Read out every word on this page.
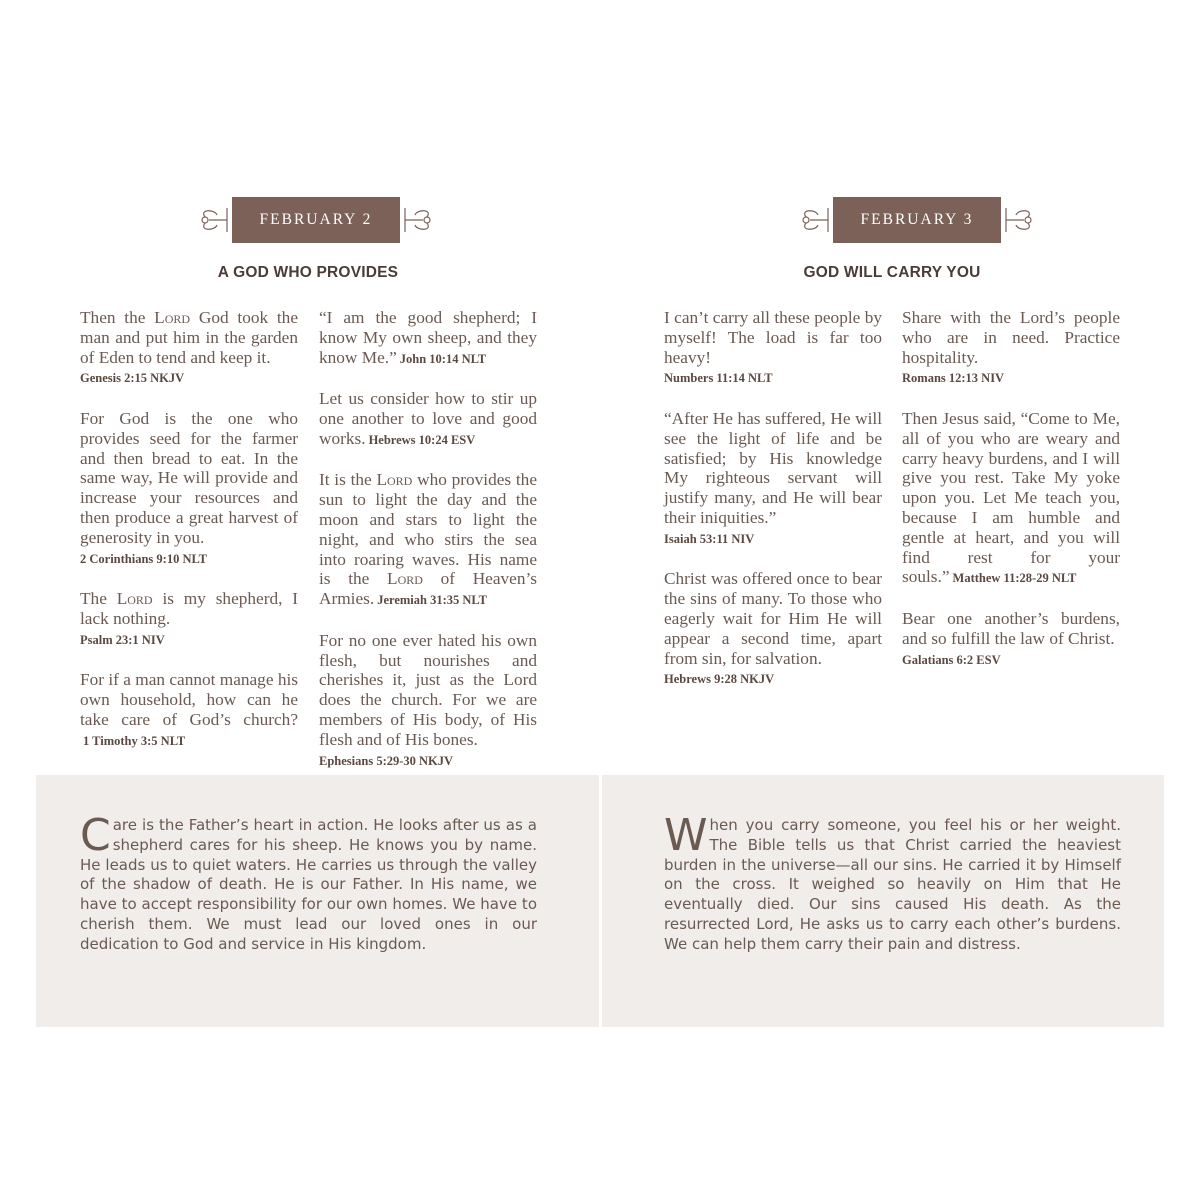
FEBRUARY 2
A GOD WHO PROVIDES
Then the Lord God took the man and put him in the garden of Eden to tend and keep it.
Genesis 2:15 NKJV
For God is the one who provides seed for the farmer and then bread to eat. In the same way, He will provide and increase your resources and then produce a great harvest of generosity in you.
2 Corinthians 9:10 NLT
The Lord is my shepherd, I lack nothing.
Psalm 23:1 NIV
For if a man cannot manage his own household, how can he take care of God’s church?1 Timothy 3:5 NLT
“I am the good shepherd; I know My own sheep, and they know Me.” John 10:14 NLT
Let us consider how to stir up one another to love and good works. Hebrews 10:24 ESV
It is the Lord who provides the sun to light the day and the moon and stars to light the night, and who stirs the sea into roaring waves. His name is the Lord of Heaven’s Armies. Jeremiah 31:35 NLT
For no one ever hated his own flesh, but nourishes and cherishes it, just as the Lord does the church. For we are members of His body, of His flesh and of His bones.
Ephesians 5:29-30 NKJV
Care is the Father’s heart in action. He looks after us as a shepherd cares for his sheep. He knows you by name. He leads us to quiet waters. He carries us through the valley of the shadow of death. He is our Father. In His name, we have to accept responsibility for our own homes. We have to cherish them. We must lead our loved ones in our dedication to God and service in His kingdom.
FEBRUARY 3
GOD WILL CARRY YOU
I can’t carry all these people by myself! The load is far too heavy!
Numbers 11:14 NLT
“After He has suffered, He will see the light of life and be satisfied; by His knowledge My righteous servant will justify many, and He will bear their iniquities.”
Isaiah 53:11 NIV
Christ was offered once to bear the sins of many. To those who eagerly wait for Him He will appear a second time, apart from sin, for salvation.
Hebrews 9:28 NKJV
Share with the Lord’s people who are in need. Practice hospitality.
Romans 12:13 NIV
Then Jesus said, “Come to Me, all of you who are weary and carry heavy burdens, and I will give you rest. Take My yoke upon you. Let Me teach you, because I am humble and gentle at heart, and you will find rest for your souls.” Matthew 11:28-29 NLT
Bear one another’s burdens, and so fulfill the law of Christ.
Galatians 6:2 ESV
When you carry someone, you feel his or her weight. The Bible tells us that Christ carried the heaviest burden in the universe—all our sins. He carried it by Himself on the cross. It weighed so heavily on Him that He eventually died. Our sins caused His death. As the resurrected Lord, He asks us to carry each other’s burdens. We can help them carry their pain and distress.
